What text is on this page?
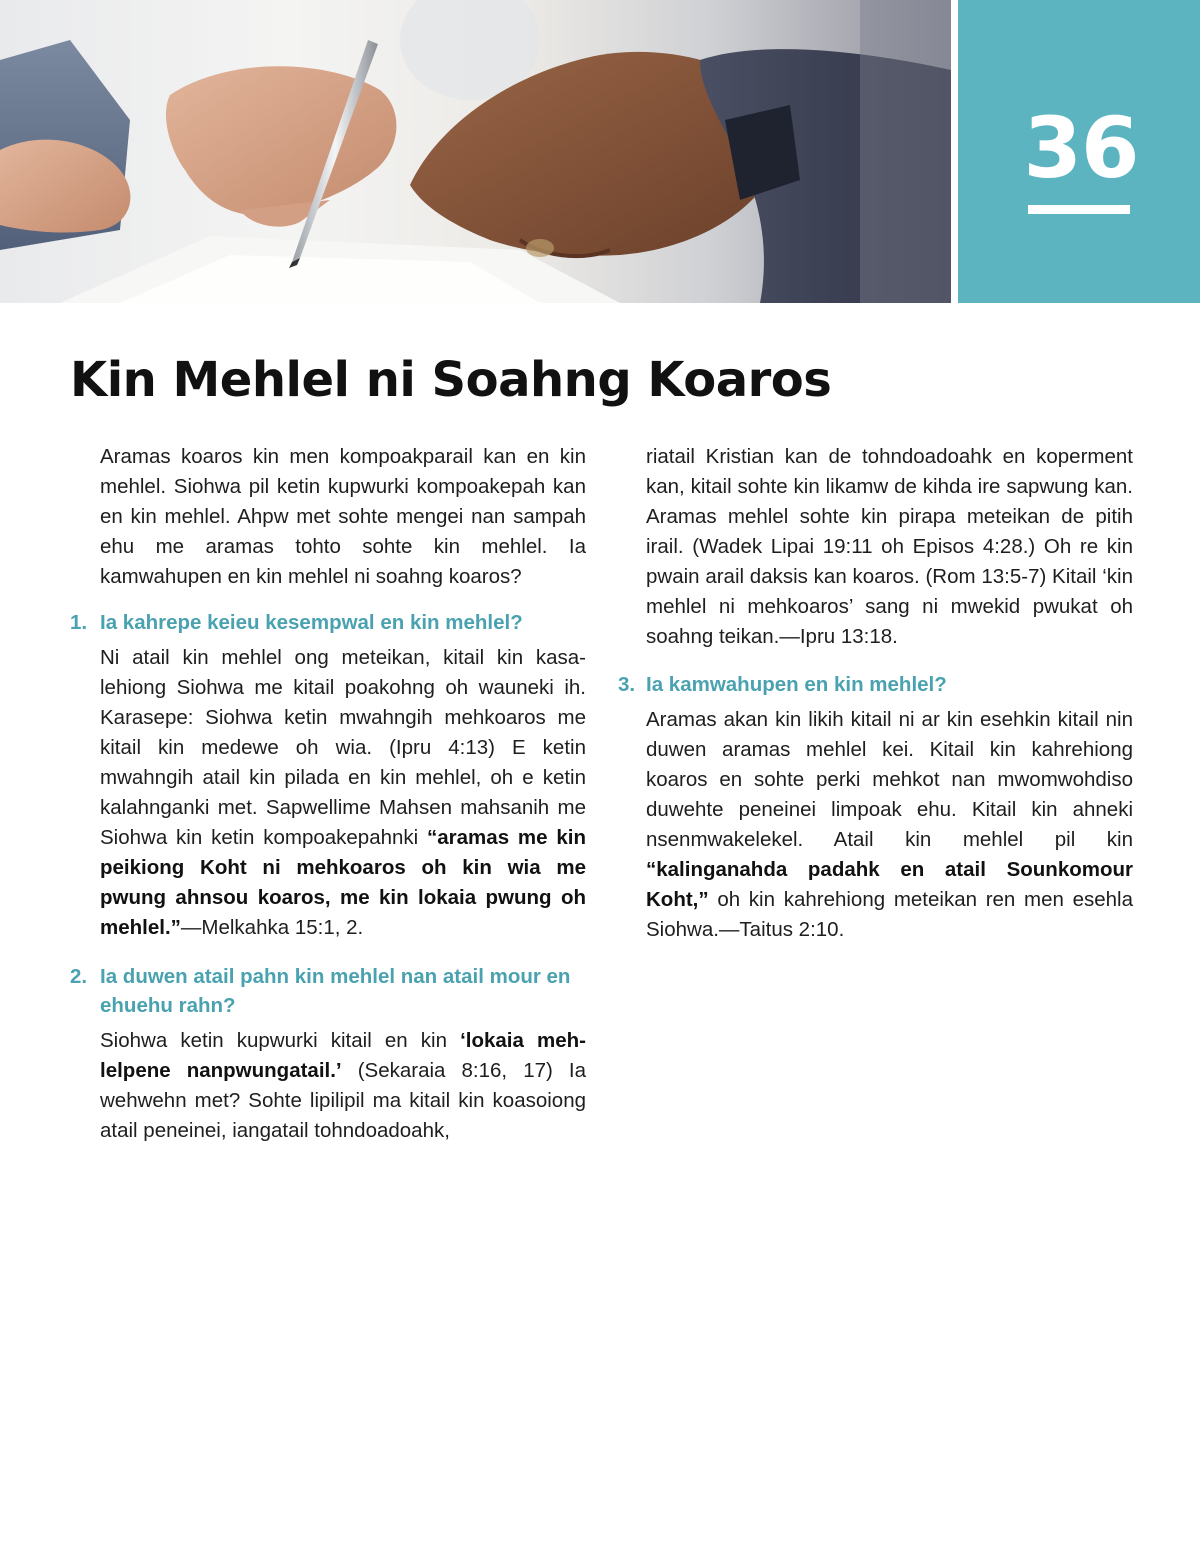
36
Kin Mehlel ni Soahng Koaros

Aramas koaros kin men kompoakparail kan en kin mehlel. Siohwa pil ketin kupwurki kompoakepah kan en kin mehlel. Ahpw met sohte mengei nan sampah ehu me aramas tohto sohte kin mehlel. Ia kamwahupen en kin mehlel ni soahng koaros?

1. Ia kahrepe keieu kesempwal en kin mehlel?

Ni atail kin mehlel ong meteikan, kitail kin kasalehiong Siohwa me kitail poakohng oh wauneki ih. Karasepe: Siohwa ketin mwahngih mehkoaros me kitail kin medewe oh wia. (Ipru 4:13) E ketin mwahngih atail kin pilada en kin mehlel, oh e ketin kalahnganki met. Sapwellime Mahsen mahsanih me Siohwa kin ketin kompoakepahnki “aramas me kin peikiong Koht ni mehkoaros oh kin wia me pwung ahnsou koaros, me kin lokaia pwung oh mehlel.”—Melkahka 15:1, 2.

2. Ia duwen atail pahn kin mehlel nan atail mour en ehuehu rahn?

Siohwa ketin kupwurki kitail en kin ‘lokaia mehlelpene nanpwungatail.’ (Sekaraia 8:16, 17) Ia wehwehn met? Sohte lipilipil ma kitail kin koasoiong atail peneinei, iangatail tohndoadoahk,

riatail Kristian kan de tohndoadoahk en koperment kan, kitail sohte kin likamw de kihda ire sapwung kan. Aramas mehlel sohte kin pirapa meteikan de pitih irail. (Wadek Lipai 19:11 oh Episos 4:28.) Oh re kin pwain arail daksis kan koaros. (Rom 13:5-7) Kitail ‘kin mehlel ni mehkoaros’ sang ni mwekid pwukat oh soahng teikan.—Ipru 13:18.

3. Ia kamwahupen en kin mehlel?

Aramas akan kin likih kitail ni ar kin esehkin kitail nin duwen aramas mehlel kei. Kitail kin kahrehiong koaros en sohte perki mehkot nan mwomwohdiso duwehte peneinei limpoak ehu. Kitail kin ahneki nsenmwakelekel. Atail kin mehlel pil kin “kalinganahda padahk en atail Sounkomour Koht,” oh kin kahrehiong meteikan ren men esehla Siohwa.—Taitus 2:10.
